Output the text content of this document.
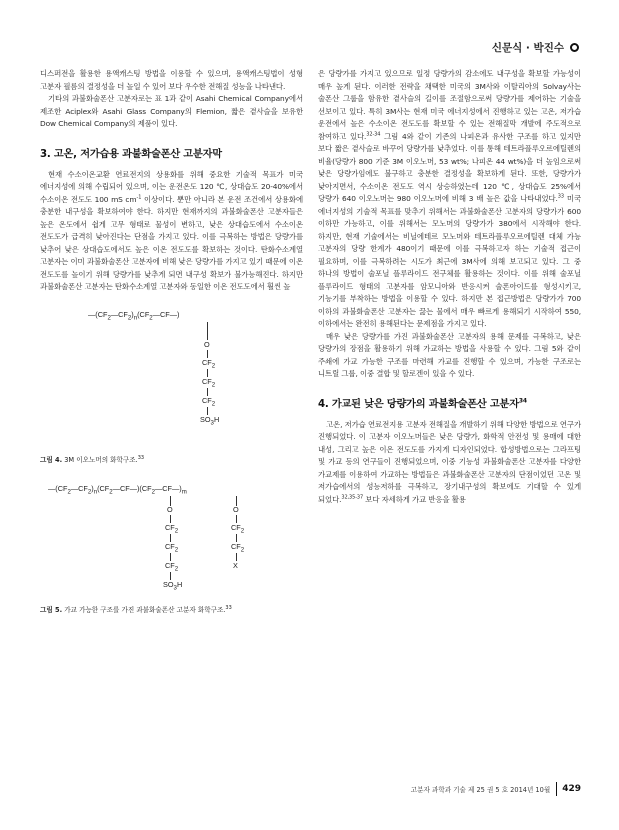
신문식 · 박진수

디스퍼전을 활용한 용액캐스팅 방법을 이용할 수 있으며, 용액캐스팅법이 성형 고분자 필름의 결정성을 더 높일 수 있어 보다 우수한 전해질 성능을 나타낸다.

기타의 과불화술폰산 고분자로는 표 1과 같이 Asahi Chemical Company에서 제조한 Aciplex와 Asahi Glass Company의 Flemion, 짧은 곁사슬을 보유한 Dow Chemical Company의 제품이 있다.

3. 고온, 저가습용 과불화술폰산 고분자막

현재 수소이온교환 연료전지의 상용화를 위해 중요한 기술적 목표가 미국 에너지성에 의해 수립되어 있으며, 이는 운전온도 120 ℃, 상대습도 20-40%에서 수소이온 전도도 100 mS $cm^{-1}$ 이상이다. 뿐만 아니라 본 운전 조건에서 상용화에 충분한 내구성을 확보하여야 한다. 하지만 현재까지의 과불화술폰산 고분자들은 높은 온도에서 쉽게 고무 형태로 물성이 변하고, 낮은 상대습도에서 수소이온 전도도가 급격히 낮아진다는 단점을 가지고 있다. 이를 극복하는 방법은 당량가를 낮추어 낮은 상대습도에서도 높은 이온 전도도를 확보하는 것이다. 탄화수소계열 고분자는 이미 과불화술폰산 고분자에 비해 낮은 당량가를 가지고 있기 때문에 이온 전도도를 높이기 위해 당량가를 낮추게 되면 내구성 확보가 불가능해진다. 하지만 과불화술폰산 고분자는 탄화수소계열 고분자와 동일한 이온 전도도에서 훨씬 높

$—(CF_2—CF_2)_n(CF_2—CF—)$
O
$CF_2$
$CF_2$
$CF_2$
$SO_3H$
그림 4. 3M 이오노머의 화학구조.$^{33}$
$—(CF_2—CF_2)_n(CF_2—CF—)(CF_2—CF—)_m$
O
$CF_2$
$CF_2$
$CF_2$
$SO_3H$
O
$CF_2$
$CF_2$
X
그림 5. 가교 가능한 구조를 가진 과불화술폰산 고분자 화학구조.$^{33}$

은 당량가를 가지고 있으므로 일정 당량가의 감소에도 내구성을 확보할 가능성이 매우 높게 된다. 이러한 전략을 채택한 미국의 3M사와 이탈리아의 Solvay사는 술폰산 그룹을 함유한 곁사슬의 길이를 조절함으로써 당량가를 제어하는 기술을 선보이고 있다. 특히 3M사는 현재 미국 에너지성에서 진행하고 있는 고온, 저가습 운전에서 높은 수소이온 전도도를 확보할 수 있는 전해질막 개발에 주도적으로 참여하고 있다.$^{32-34}$ 그림 4와 같이 기존의 나피온과 유사한 구조를 하고 있지만 보다 짧은 곁사슬로 바꾸어 당량가를 낮추었다. 이를 통해 테트라플루오르에틸렌의 비율(당량가 800 기준 3M 이오노머, 53 wt%; 나피온 44 wt%)을 더 높임으로써 낮은 당량가임에도 불구하고 충분한 결정성을 확보하게 된다. 또한, 당량가가 낮아지면서, 수소이온 전도도 역시 상승하였는데 120 ℃, 상대습도 25%에서 당량가 640 이오노머는 980 이오노머에 비해 3 배 높은 값을 나타내었다.$^{33}$ 미국 에너지성의 기술적 목표를 맞추기 위해서는 과불화술폰산 고분자의 당량가가 600 이하만 가능하고, 이를 위해서는 모노머의 당량가가 380에서 시작해야 한다. 하지만, 현재 기술에서는 비닐에테르 모노머와 테트라플루오르에틸렌 대체 가능 고분자의 당량 한계가 480이기 때문에 이를 극복하고자 하는 기술적 접근이 필요하며, 이를 극복하려는 시도가 최근에 3M사에 의해 보고되고 있다. 그 중 하나의 방법이 술포닐 플루라이드 전구체를 활용하는 것이다. 이를 위해 술포닐 플루라이드 형태의 고분자를 암모니아와 반응시켜 술폰아이드를 형성시키고, 기능기를 부착하는 방법을 이용할 수 있다. 하지만 본 접근방법은 당량가가 700 이하의 과불화술폰산 고분자는 끓는 물에서 매우 빠르게 용해되기 시작하여 550, 이하에서는 완전히 용해된다는 문제점을 가지고 있다.

매우 낮은 당량가를 가진 과불화술폰산 고분자의 용해 문제를 극복하고, 낮은 당량가의 장점을 활용하기 위해 가교하는 방법을 사용할 수 있다. 그림 5와 같이 주쇄에 가교 가능한 구조를 마련해 가교를 진행할 수 있으며, 가능한 구조로는 니트릴 그룹, 이중 결합 및 할로겐이 있을 수 있다.

4. 가교된 낮은 당량가의 과불화술폰산 고분자$^{34}$

고온, 저가습 연료전지용 고분자 전해질을 개발하기 위해 다양한 방법으로 연구가 진행되었다. 이 고분자 이오노머들은 낮은 당량가, 화학적 안전성 및 용매에 대한 내성, 그리고 높은 이온 전도도를 가지게 디자인되었다. 합성방법으로는 그라프팅 및 가교 등의 연구들이 진행되었으며, 이중 기능성 과불화술폰산 고분자를 다양한 가교제를 이용하여 가교하는 방법들은 과불화술폰산 고분자의 단점이었던 고온 및 저가습에서의 성능저하를 극복하고, 장기내구성의 확보에도 기대할 수 있게 되었다.$^{32,35-37}$ 보다 자세하게 가교 반응을 활용

고분자 과학과 기술 제 25 권 5 호 2014년 10월 429
